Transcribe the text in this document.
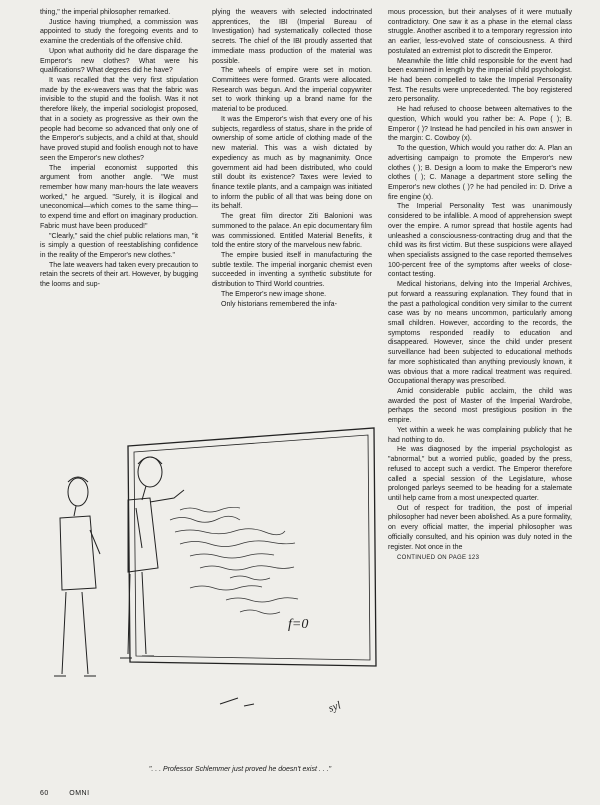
thing," the imperial philosopher remarked.

Justice having triumphed, a commission was appointed to study the foregoing events and to examine the credentials of the offensive child.

Upon what authority did he dare disparage the Emperor's new clothes? What were his qualifications? What degrees did he have?

It was recalled that the very first stipulation made by the ex-weavers was that the fabric was invisible to the stupid and the foolish. Was it not therefore likely, the imperial sociologist proposed, that in a society as progressive as their own the people had become so advanced that only one of the Emperor's subjects, and a child at that, should have proved stupid and foolish enough not to have seen the Emperor's new clothes?

The imperial economist supported this argument from another angle. "We must remember how many man-hours the late weavers worked," he argued. "Surely, it is illogical and uneconomical—which comes to the same thing—to expend time and effort on imaginary production. Fabric must have been produced!"

"Clearly," said the chief public relations man, "it is simply a question of reestablishing confidence in the reality of the Emperor's new clothes."

The late weavers had taken every precaution to retain the secrets of their art. However, by bugging the looms and sup-

plying the weavers with selected indoctrinated apprentices, the IBI (Imperial Bureau of Investigation) had systematically collected those secrets. The chief of the IBI proudly asserted that immediate mass production of the material was possible.

The wheels of empire were set in motion. Committees were formed. Grants were allocated. Research was begun. And the imperial copywriter set to work thinking up a brand name for the material to be produced.

It was the Emperor's wish that every one of his subjects, regardless of status, share in the pride of ownership of some article of clothing made of the new material. This was a wish dictated by expediency as much as by magnanimity. Once government aid had been distributed, who could still doubt its existence? Taxes were levied to finance textile plants, and a campaign was initiated to inform the public of all that was being done on its behalf.

The great film director Ziti Balonioni was summoned to the palace. An epic documentary film was commissioned. Entitled Material Benefits, it told the entire story of the marvelous new fabric.

The empire busied itself in manufacturing the subtle textile. The imperial inorganic chemist even succeeded in inventing a synthetic substitute for distribution to Third World countries.

The Emperor's new image shone.

Only historians remembered the infa-

mous procession, but their analyses of it were mutually contradictory. One saw it as a phase in the eternal class struggle. Another ascribed it to a temporary regression into an earlier, less-evolved state of consciousness. A third postulated an extremist plot to discredit the Emperor.

Meanwhile the little child responsible for the event had been examined in length by the imperial child psychologist. He had been compelled to take the Imperial Personality Test. The results were unprecedented. The boy registered zero personality.

He had refused to choose between alternatives to the question, Which would you rather be: A. Pope ( ); B. Emperor ( )? Instead he had penciled in his own answer in the margin: C. Cowboy (x).

To the question, Which would you rather do: A. Plan an advertising campaign to promote the Emperor's new clothes ( ); B. Design a loom to make the Emperor's new clothes ( ); C. Manage a department store selling the Emperor's new clothes ( )? he had penciled in: D. Drive a fire engine (x).

The Imperial Personality Test was unanimously considered to be infallible. A mood of apprehension swept over the empire. A rumor spread that hostile agents had unleashed a consciousness-contracting drug and that the child was its first victim. But these suspicions were allayed when specialists assigned to the case reported themselves 100-percent free of the symptoms after weeks of close-contact testing.

Medical historians, delving into the Imperial Archives, put forward a reassuring explanation. They found that in the past a pathological condition very similar to the current case was by no means uncommon, particularly among small children. However, according to the records, the symptoms responded readily to education and disappeared. However, since the child under present surveillance had been subjected to educational methods far more sophisticated than anything previously known, it was obvious that a more radical treatment was required. Occupational therapy was prescribed.

Amid considerable public acclaim, the child was awarded the post of Master of the Imperial Wardrobe, perhaps the second most prestigious position in the empire.

Yet within a week he was complaining publicly that he had nothing to do.

He was diagnosed by the imperial psychologist as "abnormal," but a worried public, goaded by the press, refused to accept such a verdict. The Emperor therefore called a special session of the Legislature, whose prolonged parleys seemed to be heading for a stalemate until help came from a most unexpected quarter.

Out of respect for tradition, the post of imperial philosopher had never been abolished. As a pure formality, on every official matter, the imperial philosopher was officially consulted, and his opinion was duly noted in the register. Not once in the

CONTINUED ON PAGE 123

f=0
syl
". . . Professor Schlemmer just proved he doesn't exist . . ."
60	OMNI
